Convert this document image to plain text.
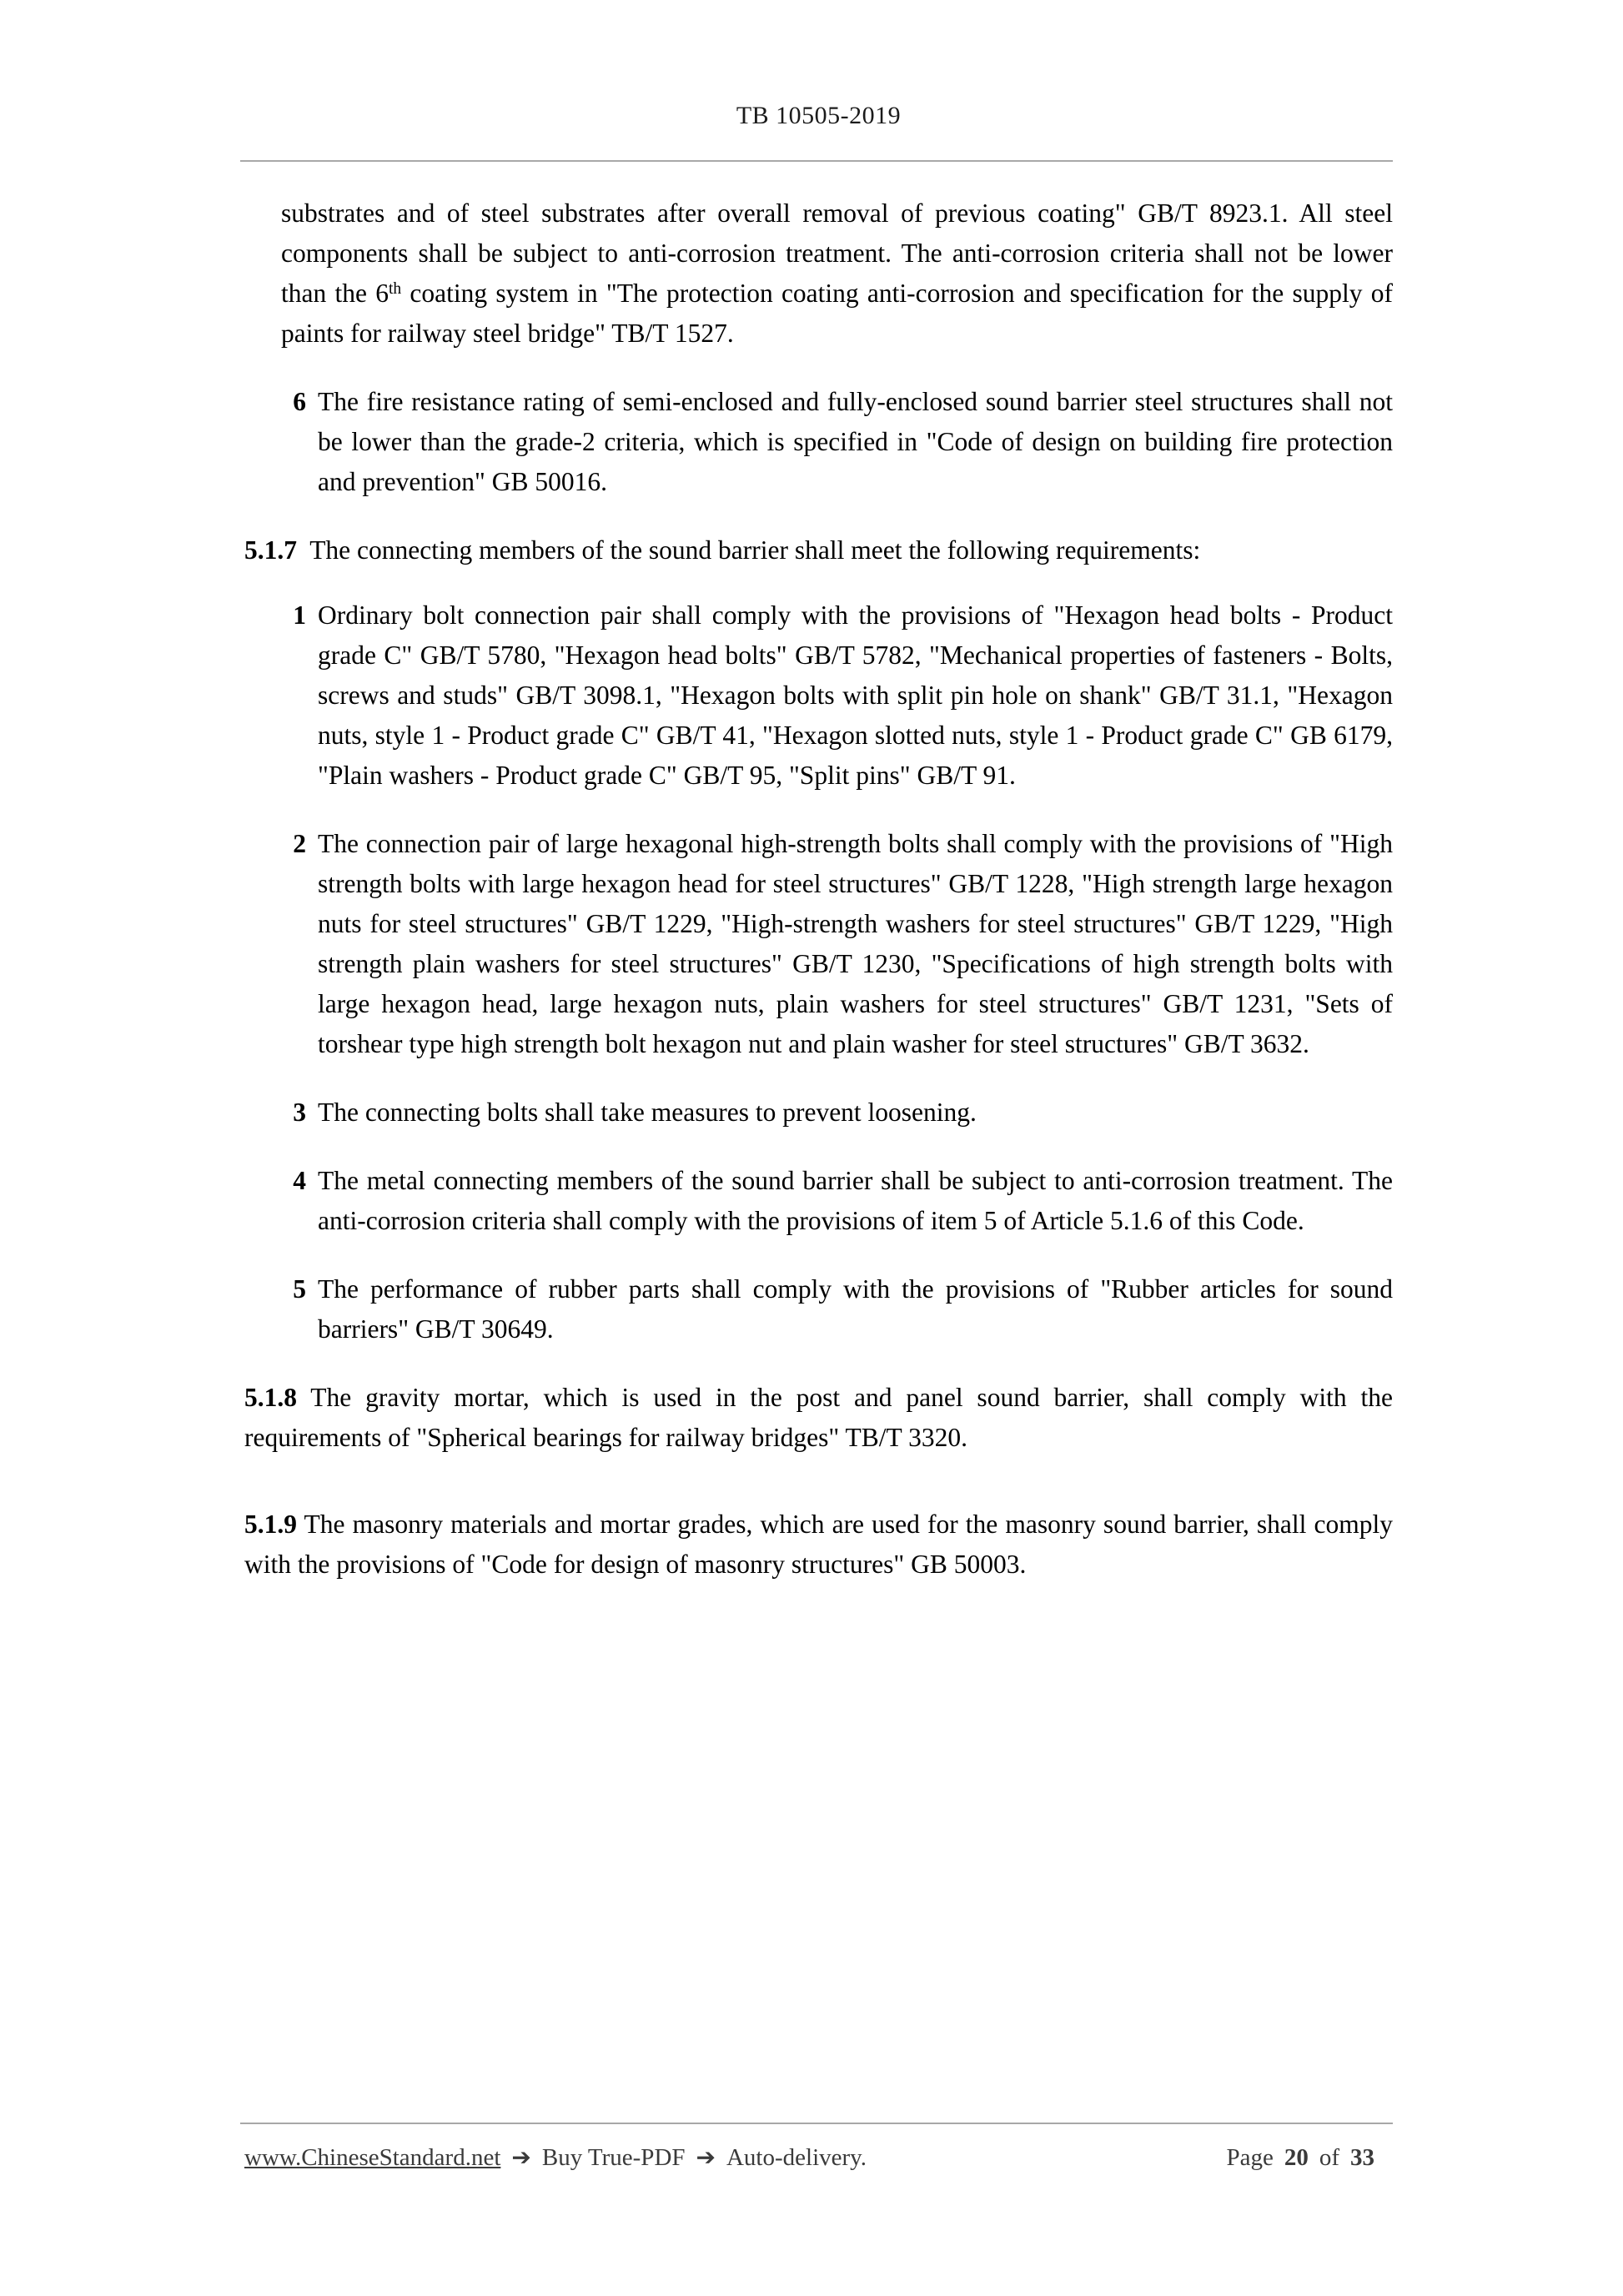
TB 10505-2019

substrates and of steel substrates after overall removal of previous coating" GB/T 8923.1. All steel components shall be subject to anti-corrosion treatment. The anti-corrosion criteria shall not be lower than the 6th coating system in "The protection coating anti-corrosion and specification for the supply of paints for railway steel bridge" TB/T 1527.

6 The fire resistance rating of semi-enclosed and fully-enclosed sound barrier steel structures shall not be lower than the grade-2 criteria, which is specified in "Code of design on building fire protection and prevention" GB 50016.

5.1.7 The connecting members of the sound barrier shall meet the following requirements:

1 Ordinary bolt connection pair shall comply with the provisions of "Hexagon head bolts - Product grade C" GB/T 5780, "Hexagon head bolts" GB/T 5782, "Mechanical properties of fasteners - Bolts, screws and studs" GB/T 3098.1, "Hexagon bolts with split pin hole on shank" GB/T 31.1, "Hexagon nuts, style 1 - Product grade C" GB/T 41, "Hexagon slotted nuts, style 1 - Product grade C" GB 6179, "Plain washers - Product grade C" GB/T 95, "Split pins" GB/T 91.

2 The connection pair of large hexagonal high-strength bolts shall comply with the provisions of "High strength bolts with large hexagon head for steel structures" GB/T 1228, "High strength large hexagon nuts for steel structures" GB/T 1229, "High-strength washers for steel structures" GB/T 1229, "High strength plain washers for steel structures" GB/T 1230, "Specifications of high strength bolts with large hexagon head, large hexagon nuts, plain washers for steel structures" GB/T 1231, "Sets of torshear type high strength bolt hexagon nut and plain washer for steel structures" GB/T 3632.

3 The connecting bolts shall take measures to prevent loosening.

4 The metal connecting members of the sound barrier shall be subject to anti-corrosion treatment. The anti-corrosion criteria shall comply with the provisions of item 5 of Article 5.1.6 of this Code.

5 The performance of rubber parts shall comply with the provisions of "Rubber articles for sound barriers" GB/T 30649.

5.1.8 The gravity mortar, which is used in the post and panel sound barrier, shall comply with the requirements of "Spherical bearings for railway bridges" TB/T 3320.

5.1.9 The masonry materials and mortar grades, which are used for the masonry sound barrier, shall comply with the provisions of "Code for design of masonry structures" GB 50003.

www.ChineseStandard.net ➔ Buy True-PDF ➔ Auto-delivery.	Page 20 of 33
